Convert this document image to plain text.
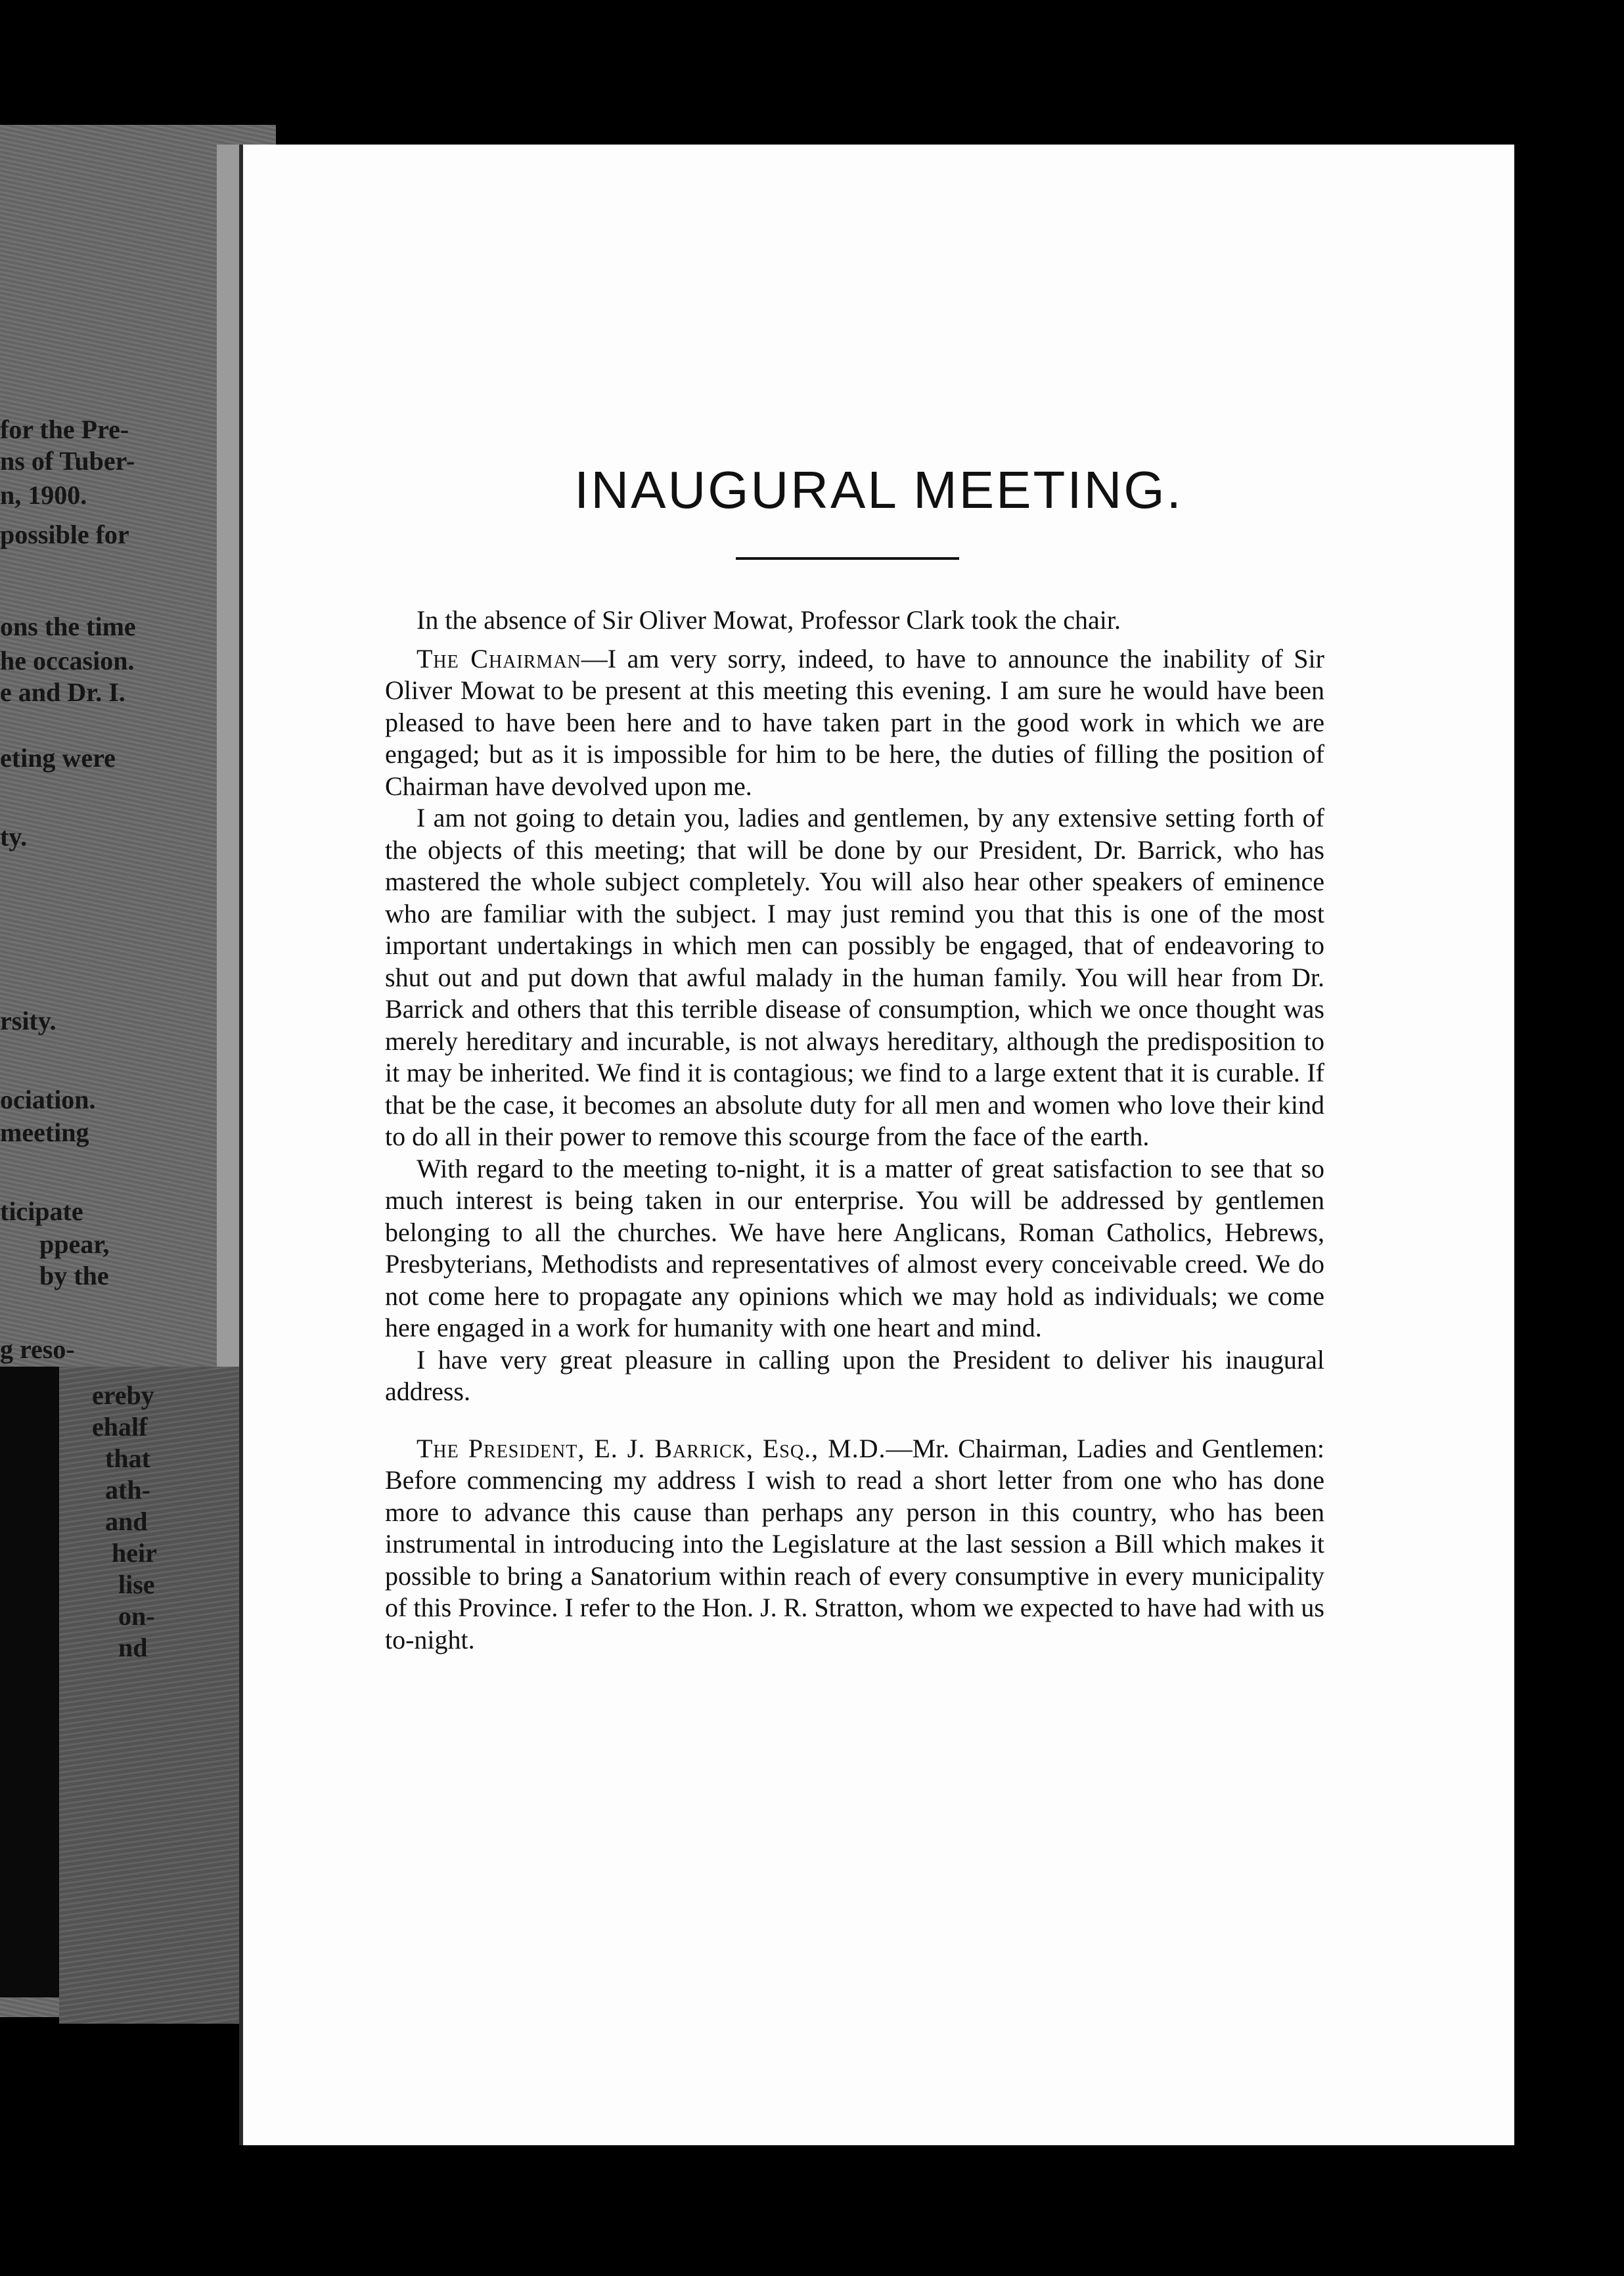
for the Pre-
ns of Tuber-
n, 1900.
possible for
ons the time
he occasion.
e and Dr. I.
eting were
ty.
rsity.
ociation.
meeting
ticipate
ppear,
by the
g reso-
ereby
ehalf
that
ath-
and
heir
lise
on-
nd
INAUGURAL MEETING.

In the absence of Sir Oliver Mowat, Professor Clark took the chair.

The Chairman—I am very sorry, indeed, to have to announce the inability of Sir Oliver Mowat to be present at this meeting this evening. I am sure he would have been pleased to have been here and to have taken part in the good work in which we are engaged; but as it is impossible for him to be here, the duties of filling the position of Chairman have devolved upon me.

I am not going to detain you, ladies and gentlemen, by any extensive setting forth of the objects of this meeting; that will be done by our President, Dr. Barrick, who has mastered the whole subject completely. You will also hear other speakers of eminence who are familiar with the subject. I may just remind you that this is one of the most important undertakings in which men can possibly be engaged, that of endeavoring to shut out and put down that awful malady in the human family. You will hear from Dr. Barrick and others that this terrible disease of consumption, which we once thought was merely hereditary and incurable, is not always hereditary, although the predisposition to it may be inherited. We find it is contagious; we find to a large extent that it is curable. If that be the case, it becomes an absolute duty for all men and women who love their kind to do all in their power to remove this scourge from the face of the earth.

With regard to the meeting to-night, it is a matter of great satisfaction to see that so much interest is being taken in our enterprise. You will be addressed by gentlemen belonging to all the churches. We have here Anglicans, Roman Catholics, Hebrews, Presbyterians, Methodists and representatives of almost every conceivable creed. We do not come here to propagate any opinions which we may hold as individuals; we come here engaged in a work for humanity with one heart and mind.

I have very great pleasure in calling upon the President to deliver his inaugural address.

The President, E. J. Barrick, Esq., M.D.—Mr. Chairman, Ladies and Gentlemen: Before commencing my address I wish to read a short letter from one who has done more to advance this cause than perhaps any person in this country, who has been instrumental in introducing into the Legislature at the last session a Bill which makes it possible to bring a Sanatorium within reach of every consumptive in every municipality of this Province. I refer to the Hon. J. R. Stratton, whom we expected to have had with us to-night.
